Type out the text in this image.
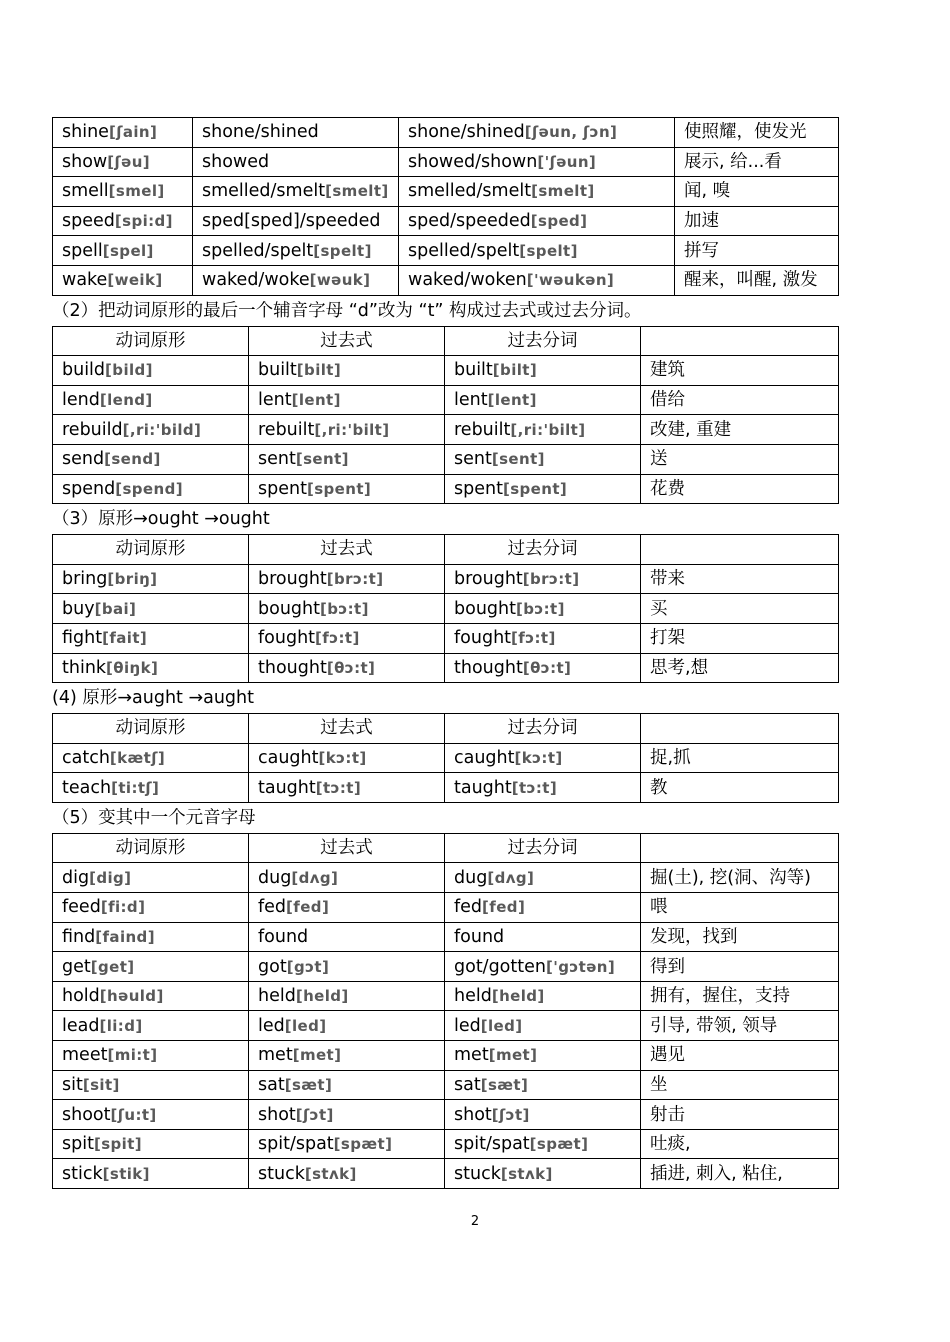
shine[ʃain]	shone/shined	shone/shined[ʃəun, ʃɔn]	使照耀，使发光
show[ʃəu]	showed	showed/shown['ʃəun]	展示, 给...看
smell[smel]	smelled/smelt[smelt]	smelled/smelt[smelt]	闻, 嗅
speed[spi:d]	sped[sped]/speeded	sped/speeded[sped]	加速
spell[spel]	spelled/spelt[spelt]	spelled/spelt[spelt]	拼写
wake[weik]	waked/woke[wəuk]	waked/woken['wəukən]	醒来，叫醒, 激发
（2）把动词原形的最后一个辅音字母 “d”改为 “t” 构成过去式或过去分词。
动词原形	过去式	过去分词	
build[bild]	built[bilt]	built[bilt]	建筑
lend[lend]	lent[lent]	lent[lent]	借给
rebuild[,ri:'bild]	rebuilt[,ri:'bilt]	rebuilt[,ri:'bilt]	改建, 重建
send[send]	sent[sent]	sent[sent]	送
spend[spend]	spent[spent]	spent[spent]	花费
（3）原形→ought →ought
动词原形	过去式	过去分词	
bring[briŋ]	brought[brɔ:t]	brought[brɔ:t]	带来
buy[bai]	bought[bɔ:t]	bought[bɔ:t]	买
fight[fait]	fought[fɔ:t]	fought[fɔ:t]	打架
think[θiŋk]	thought[θɔ:t]	thought[θɔ:t]	思考,想
(4) 原形→aught →aught
动词原形	过去式	过去分词	
catch[kætʃ]	caught[kɔ:t]	caught[kɔ:t]	捉,抓
teach[ti:tʃ]	taught[tɔ:t]	taught[tɔ:t]	教
（5）变其中一个元音字母
动词原形	过去式	过去分词	
dig[dig]	dug[dʌg]	dug[dʌg]	掘(土), 挖(洞、沟等)
feed[fi:d]	fed[fed]	fed[fed]	喂
find[faind]	found	found	发现，找到
get[get]	got[gɔt]	got/gotten['gɔtən]	得到
hold[həuld]	held[held]	held[held]	拥有，握住，支持
lead[li:d]	led[led]	led[led]	引导, 带领, 领导
meet[mi:t]	met[met]	met[met]	遇见
sit[sit]	sat[sæt]	sat[sæt]	坐
shoot[ʃu:t]	shot[ʃɔt]	shot[ʃɔt]	射击
spit[spit]	spit/spat[spæt]	spit/spat[spæt]	吐痰,
stick[stik]	stuck[stʌk]	stuck[stʌk]	插进, 刺入, 粘住,
2
